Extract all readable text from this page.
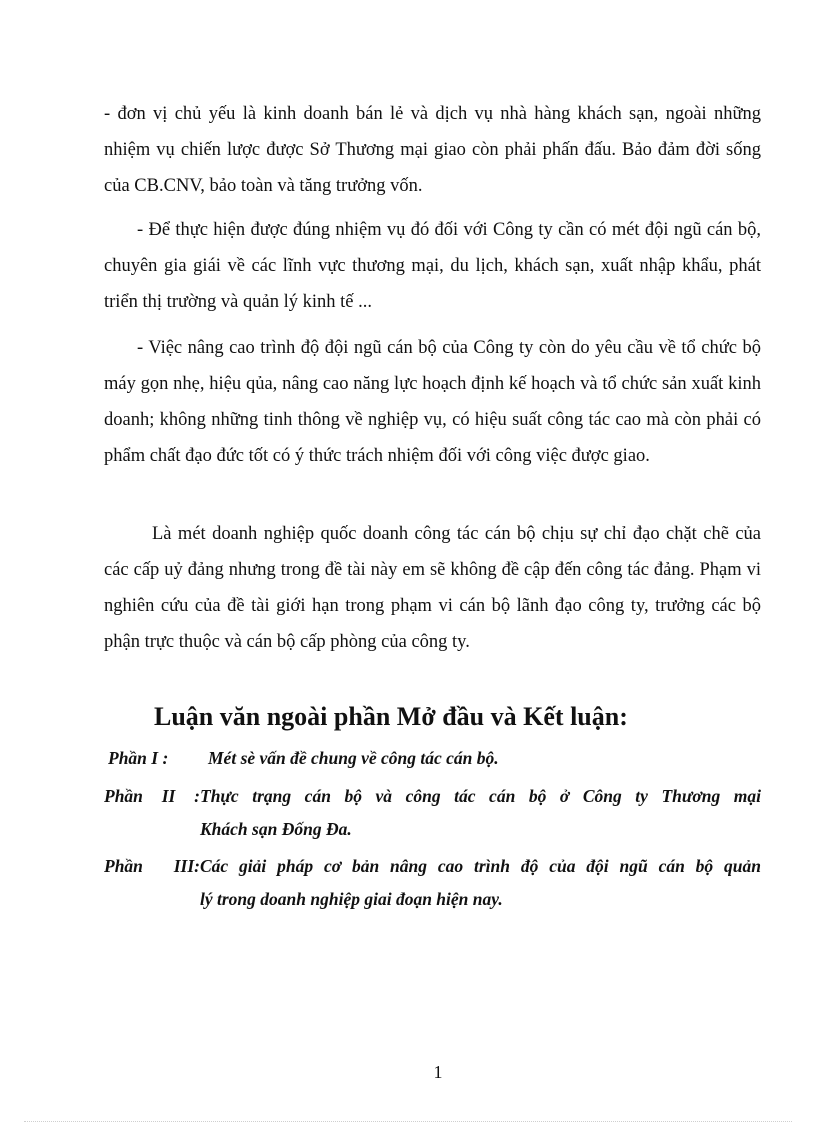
- đơn vị chủ yếu là kinh doanh bán lẻ và dịch vụ nhà hàng khách sạn, ngoài những nhiệm vụ chiến lược được Sở Thương mại giao còn phải phấn đấu. Bảo đảm đời sống của CB.CNV, bảo toàn và tăng trưởng vốn.

- Để thực hiện được đúng nhiệm vụ đó đối với Công ty cần có mét đội ngũ cán bộ, chuyên gia giái về các lĩnh vực thương mại, du lịch, khách sạn, xuất nhập khẩu, phát triển thị trường và quản lý kinh tế ...

- Việc nâng cao trình độ đội ngũ cán bộ của Công ty còn do yêu cầu về tổ chức bộ máy gọn nhẹ, hiệu qủa, nâng cao năng lực hoạch định kế hoạch và tổ chức sản xuất kinh doanh; không những tinh thông về nghiệp vụ, có hiệu suất công tác cao mà còn phải có phẩm chất đạo đức tốt có ý thức trách nhiệm đối với công việc được giao.

Là mét doanh nghiệp quốc doanh công tác cán bộ chịu sự chỉ đạo chặt chẽ của các cấp uỷ đảng nhưng trong đề tài này em sẽ không đề cập đến công tác đảng. Phạm vi nghiên cứu của đề tài giới hạn trong phạm vi cán bộ lãnh đạo công ty, trưởng các bộ phận trực thuộc và cán bộ cấp phòng của công ty.

Luận văn ngoài phần Mở đầu và Kết luận:
Phần I : Mét sè vấn đề chung về công tác cán bộ.
Phần II :Thực trạng cán bộ và công tác cán bộ ở Công ty Thương mại
Khách sạn Đống Đa.
Phần III:Các giải pháp cơ bản nâng cao trình độ của đội ngũ cán bộ quản
lý trong doanh nghiệp giai đoạn hiện nay.
1
